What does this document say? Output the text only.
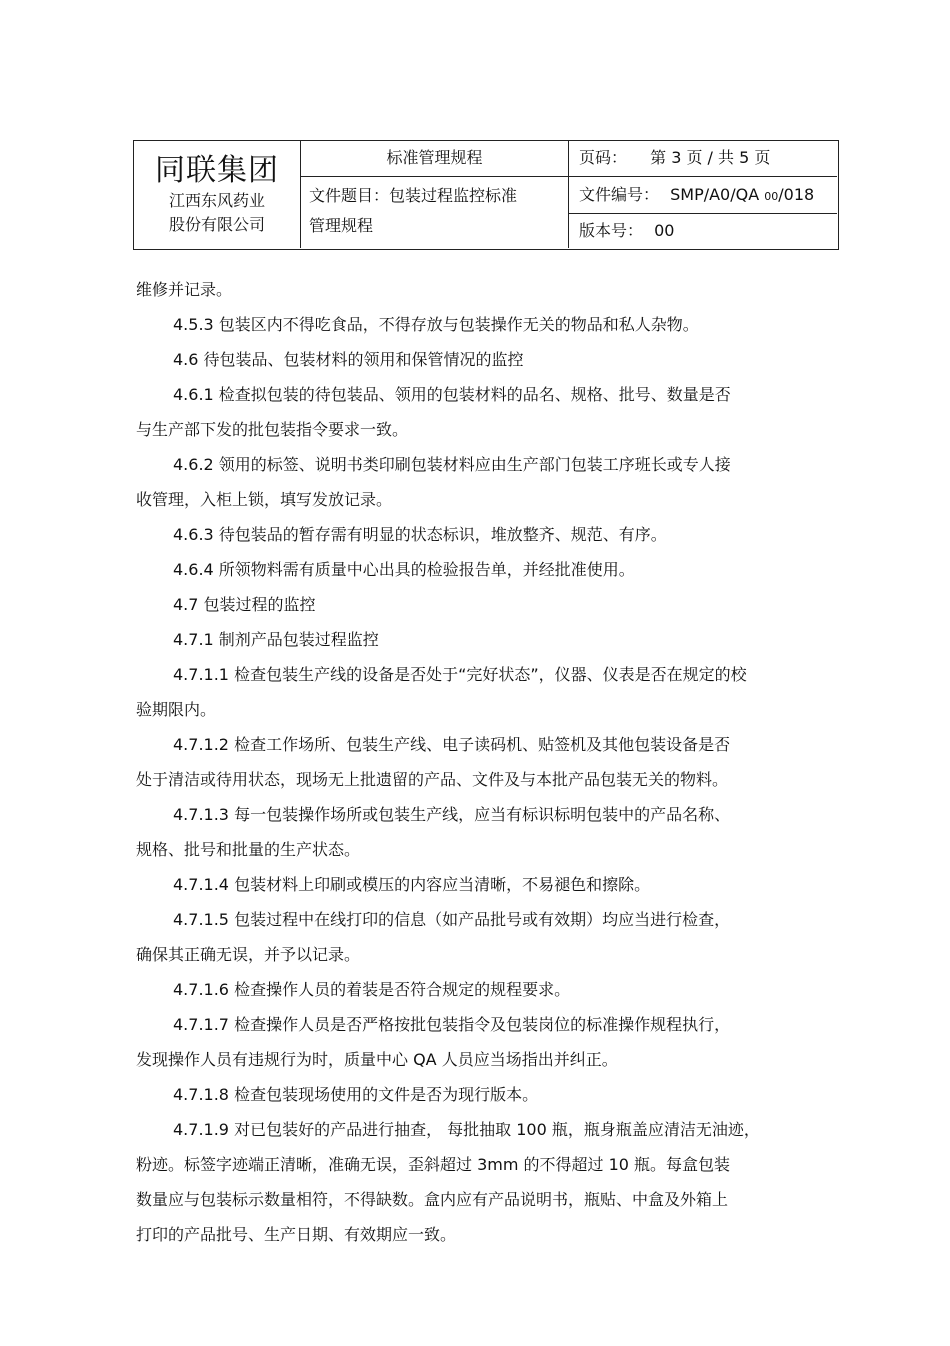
同联集团
江西东风药业
股份有限公司
标准管理规程
文件题目：包装过程监控标准
管理规程
页码： 第 3 页 / 共 5 页
文件编号： SMP/A0/QA 00/018
版本号： 00

维修并记录。

4.5.3 包装区内不得吃食品，不得存放与包装操作无关的物品和私人杂物。

4.6 待包装品、包装材料的领用和保管情况的监控

4.6.1 检查拟包装的待包装品、领用的包装材料的品名、规格、批号、数量是否

与生产部下发的批包装指令要求一致。

4.6.2 领用的标签、说明书类印刷包装材料应由生产部门包装工序班长或专人接

收管理，入柜上锁，填写发放记录。

4.6.3 待包装品的暂存需有明显的状态标识，堆放整齐、规范、有序。

4.6.4 所领物料需有质量中心出具的检验报告单，并经批准使用。

4.7 包装过程的监控

4.7.1 制剂产品包装过程监控

4.7.1.1 检查包装生产线的设备是否处于“完好状态”，仪器、仪表是否在规定的校

验期限内。

4.7.1.2 检查工作场所、包装生产线、电子读码机、贴签机及其他包装设备是否

处于清洁或待用状态，现场无上批遗留的产品、文件及与本批产品包装无关的物料。

4.7.1.3 每一包装操作场所或包装生产线，应当有标识标明包装中的产品名称、

规格、批号和批量的生产状态。

4.7.1.4 包装材料上印刷或模压的内容应当清晰，不易褪色和擦除。

4.7.1.5 包装过程中在线打印的信息（如产品批号或有效期）均应当进行检查，

确保其正确无误，并予以记录。

4.7.1.6 检查操作人员的着装是否符合规定的规程要求。

4.7.1.7 检查操作人员是否严格按批包装指令及包装岗位的标准操作规程执行，

发现操作人员有违规行为时，质量中心 QA 人员应当场指出并纠正。

4.7.1.8 检查包装现场使用的文件是否为现行版本。

4.7.1.9 对已包装好的产品进行抽查， 每批抽取 100 瓶，瓶身瓶盖应清洁无油迹，

粉迹。标签字迹端正清晰，准确无误，歪斜超过 3mm 的不得超过 10 瓶。每盒包装

数量应与包装标示数量相符，不得缺数。盒内应有产品说明书，瓶贴、中盒及外箱上

打印的产品批号、生产日期、有效期应一致。
